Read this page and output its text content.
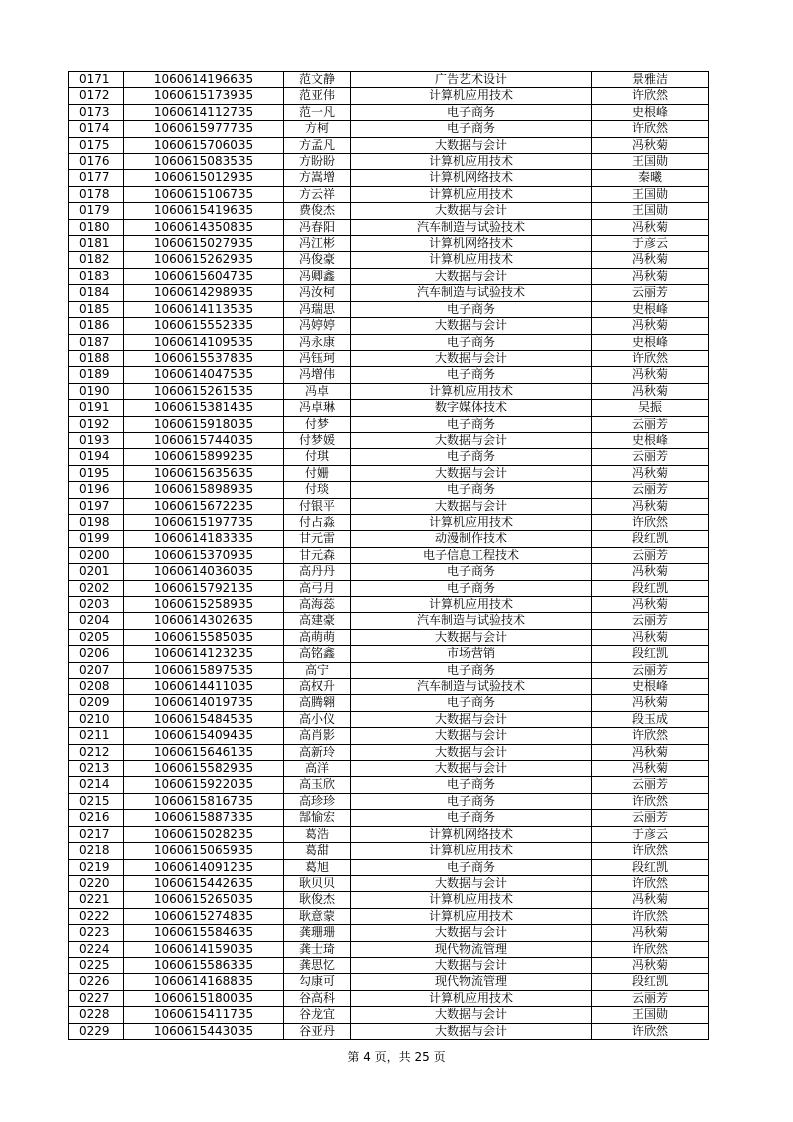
0171	1060614196635	范文静	广告艺术设计	景雅洁
0172	1060615173935	范亚伟	计算机应用技术	许欣然
0173	1060614112735	范一凡	电子商务	史根峰
0174	1060615977735	方柯	电子商务	许欣然
0175	1060615706035	方孟凡	大数据与会计	冯秋菊
0176	1060615083535	方盼盼	计算机应用技术	王国勋
0177	1060615012935	方嵩增	计算机网络技术	秦曦
0178	1060615106735	方云祥	计算机应用技术	王国勋
0179	1060615419635	费俊杰	大数据与会计	王国勋
0180	1060614350835	冯春阳	汽车制造与试验技术	冯秋菊
0181	1060615027935	冯江彬	计算机网络技术	于彦云
0182	1060615262935	冯俊豪	计算机应用技术	冯秋菊
0183	1060615604735	冯卿鑫	大数据与会计	冯秋菊
0184	1060614298935	冯汝柯	汽车制造与试验技术	云丽芳
0185	1060614113535	冯瑞思	电子商务	史根峰
0186	1060615552335	冯婷婷	大数据与会计	冯秋菊
0187	1060614109535	冯永康	电子商务	史根峰
0188	1060615537835	冯钰珂	大数据与会计	许欣然
0189	1060614047535	冯增伟	电子商务	冯秋菊
0190	1060615261535	冯卓	计算机应用技术	冯秋菊
0191	1060615381435	冯卓琳	数字媒体技术	吴振
0192	1060615918035	付梦	电子商务	云丽芳
0193	1060615744035	付梦媛	大数据与会计	史根峰
0194	1060615899235	付琪	电子商务	云丽芳
0195	1060615635635	付姗	大数据与会计	冯秋菊
0196	1060615898935	付琰	电子商务	云丽芳
0197	1060615672235	付银平	大数据与会计	冯秋菊
0198	1060615197735	付占淼	计算机应用技术	许欣然
0199	1060614183335	甘元雷	动漫制作技术	段红凯
0200	1060615370935	甘元森	电子信息工程技术	云丽芳
0201	1060614036035	高丹丹	电子商务	冯秋菊
0202	1060615792135	高弓月	电子商务	段红凯
0203	1060615258935	高海蕊	计算机应用技术	冯秋菊
0204	1060614302635	高建豪	汽车制造与试验技术	云丽芳
0205	1060615585035	高萌萌	大数据与会计	冯秋菊
0206	1060614123235	高铭鑫	市场营销	段红凯
0207	1060615897535	高宁	电子商务	云丽芳
0208	1060614411035	高权升	汽车制造与试验技术	史根峰
0209	1060614019735	高腾翱	电子商务	冯秋菊
0210	1060615484535	高小仪	大数据与会计	段玉成
0211	1060615409435	高肖影	大数据与会计	许欣然
0212	1060615646135	高新玲	大数据与会计	冯秋菊
0213	1060615582935	高洋	大数据与会计	冯秋菊
0214	1060615922035	高玉欣	电子商务	云丽芳
0215	1060615816735	高珍珍	电子商务	许欣然
0216	1060615887335	郜愉宏	电子商务	云丽芳
0217	1060615028235	葛浩	计算机网络技术	于彦云
0218	1060615065935	葛甜	计算机应用技术	许欣然
0219	1060614091235	葛旭	电子商务	段红凯
0220	1060615442635	耿贝贝	大数据与会计	许欣然
0221	1060615265035	耿俊杰	计算机应用技术	冯秋菊
0222	1060615274835	耿意蒙	计算机应用技术	许欣然
0223	1060615584635	龚珊珊	大数据与会计	冯秋菊
0224	1060614159035	龚士琦	现代物流管理	许欣然
0225	1060615586335	龚思忆	大数据与会计	冯秋菊
0226	1060614168835	勾康可	现代物流管理	段红凯
0227	1060615180035	谷高科	计算机应用技术	云丽芳
0228	1060615411735	谷龙宜	大数据与会计	王国勋
0229	1060615443035	谷亚丹	大数据与会计	许欣然
第 4 页，共 25 页
